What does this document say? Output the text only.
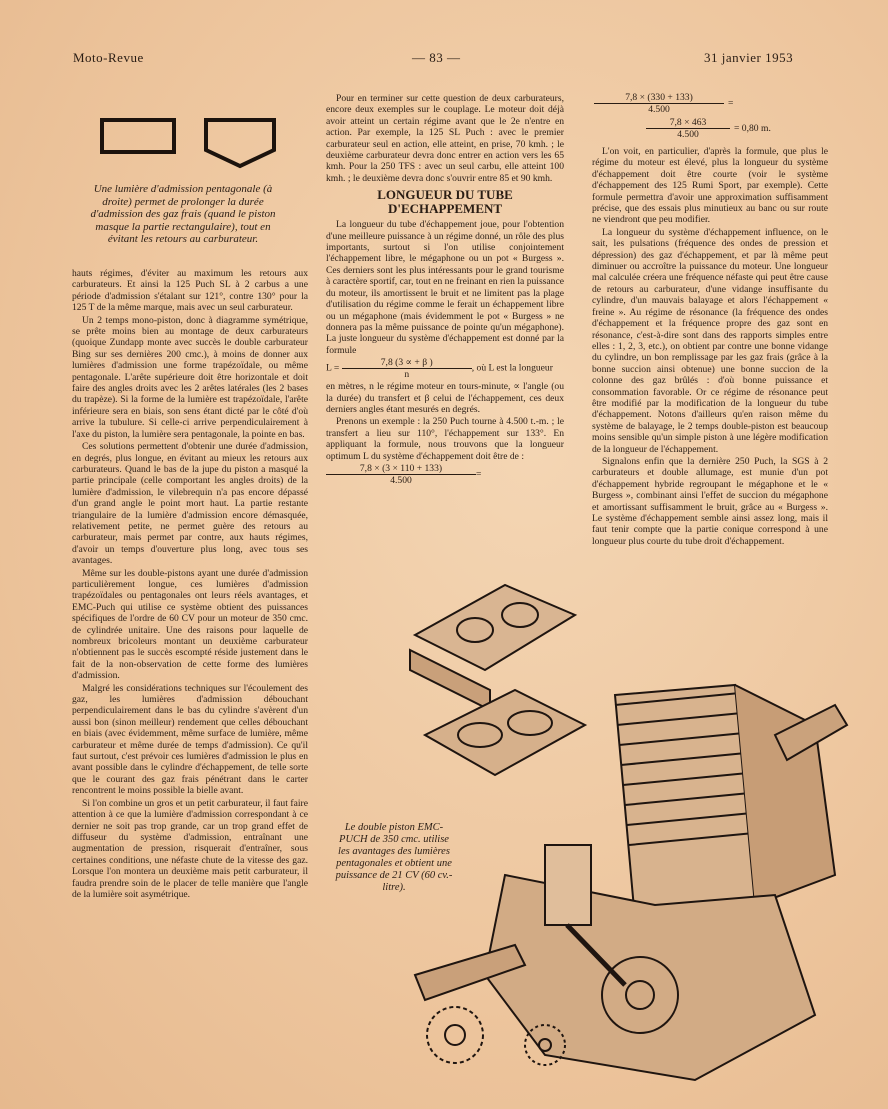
Moto-Revue	— 83 —	31 janvier 1953
Une lumière d'admission pentagonale (à droite) permet de prolonger la durée d'admission des gaz frais (quand le piston masque la partie rectangulaire), tout en évitant les retours au carburateur.

hauts régimes, d'éviter au maximum les retours aux carburateurs. Et ainsi la 125 Puch SL à 2 carbus a une période d'admission s'étalant sur 121°, contre 130° pour la 125 T de la même marque, mais avec un seul carburateur.

Un 2 temps mono-piston, donc à diagramme symétrique, se prête moins bien au montage de deux carburateurs (quoique Zundapp monte avec succès le double carburateur Bing sur ses dernières 200 cmc.), à moins de donner aux lumières d'admission une forme trapézoïdale, ou même pentagonale. L'arête supérieure doit être horizontale et doit faire des angles droits avec les 2 arêtes latérales (les 2 bases du trapèze). Si la forme de la lumière est trapézoïdale, l'arête inférieure sera en biais, son sens étant dicté par le côté d'où arrive la tubulure. Si celle-ci arrive perpendiculairement à l'axe du piston, la lumière sera pentagonale, la pointe en bas.

Ces solutions permettent d'obtenir une durée d'admission, en degrés, plus longue, en évitant au mieux les retours aux carburateurs. Quand le bas de la jupe du piston a masqué la partie principale (celle comportant les angles droits) de la lumière d'admission, le vilebrequin n'a pas encore dépassé d'un grand angle le point mort haut. La partie restante triangulaire de la lumière d'admission encore démasquée, relativement petite, ne permet guère des retours au carburateur, mais permet par contre, aux hauts régimes, d'avoir un temps d'ouverture plus long, avec tous ses avantages.

Même sur les double-pistons ayant une durée d'admission particulièrement longue, ces lumières d'admission trapézoïdales ou pentagonales ont leurs réels avantages, et EMC-Puch qui utilise ce système obtient des puissances spécifiques de l'ordre de 60 CV pour un moteur de 350 cmc. de cylindrée unitaire. Une des raisons pour laquelle de nombreux bricoleurs montant un deuxième carburateur n'obtiennent pas le succès escompté réside justement dans le fait de la non-observation de cette forme des lumières d'admission.

Malgré les considérations techniques sur l'écoulement des gaz, les lumières d'admission débouchant perpendiculairement dans le bas du cylindre s'avèrent d'un aussi bon (sinon meilleur) rendement que celles débouchant en biais (avec évidemment, même surface de lumière, même carburateur et même durée de temps d'admission). Ce qu'il faut surtout, c'est prévoir ces lumières d'admission le plus en avant possible dans le cylindre d'échappement, de telle sorte que le courant des gaz frais pénétrant dans le carter rencontrent le moins possible la bielle avant.

Si l'on combine un gros et un petit carburateur, il faut faire attention à ce que la lumière d'admission correspondant à ce dernier ne soit pas trop grande, car un trop grand effet de diffuseur du système d'admission, entraînant une augmentation de pression, risquerait d'entraîner, sous certaines conditions, une néfaste chute de la vitesse des gaz. Lorsque l'on montera un deuxième mais petit carburateur, il faudra prendre soin de le placer de telle manière que l'angle de la lumière soit asymétrique.

Pour en terminer sur cette question de deux carburateurs, encore deux exemples sur le couplage. Le moteur doit déjà avoir atteint un certain régime avant que le 2e n'entre en action. Par exemple, la 125 SL Puch : avec le premier carburateur seul en action, elle atteint, en prise, 70 kmh. ; le deuxième carburateur devra donc entrer en action vers les 65 kmh. Pour la 250 TFS : avec un seul carbu, elle atteint 100 kmh. ; le deuxième devra donc s'ouvrir entre 85 et 90 kmh.

LONGUEUR DU TUBE D'ECHAPPEMENT

La longueur du tube d'échappement joue, pour l'obtention d'une meilleure puissance à un régime donné, un rôle des plus importants, surtout si l'on utilise conjointement l'échappement libre, le mégaphone ou un pot « Burgess ». Ces derniers sont les plus intéressants pour le grand tourisme à caractère sportif, car, tout en ne freinant en rien la puissance du moteur, ils amortissent le bruit et ne limitent pas la plage d'utilisation du régime comme le ferait un échappement libre ou un mégaphone (mais évidemment le pot « Burgess » ne donnera pas la même puissance de pointe qu'un mégaphone). La juste longueur du système d'échappement est donné par la formule

$L = \frac{7,8 (3 \propto + \beta )}{n}$ , où L est la longueur

en mètres, n le régime moteur en tours-minute, ∝ l'angle (ou la durée) du transfert et β celui de l'échappement, ces deux derniers angles étant mesurés en degrés.

Prenons un exemple : la 250 Puch tourne à 4.500 t.-m. ; le transfert a lieu sur 110°, l'échappement sur 133°. En appliquant la formule, nous trouvons que la longueur optimum L du système d'échappement doit être de :

$\frac{7,8 \times (3 \times 110 + 133)}{4.500}$ =
$\frac{7,8 \times (330 + 133)}{4.500}$ =
$\frac{7,8 \times 463}{4.500} = 0,80$ m.

L'on voit, en particulier, d'après la formule, que plus le régime du moteur est élevé, plus la longueur du système d'échappement doit être courte (voir le système d'échappement des 125 Rumi Sport, par exemple). Cette formule permettra d'avoir une approximation suffisamment précise, que des essais plus minutieux au banc ou sur route ne viendront que peu modifier.

La longueur du système d'échappement influence, on le sait, les pulsations (fréquence des ondes de pression et dépression) des gaz d'échappement, et par là même peut diminuer ou accroître la puissance du moteur. Une longueur mal calculée créera une fréquence néfaste qui peut être cause de retours au carburateur, d'une vidange insuffisante du cylindre, d'un mauvais balayage et alors l'échappement « freine ». Au régime de résonance (la fréquence des ondes d'échappement et la fréquence propre des gaz sont en résonance, c'est-à-dire sont dans des rapports simples entre elles : 1, 2, 3, etc.), on obtient par contre une bonne vidange du cylindre, un bon remplissage par les gaz frais (grâce à la bonne succion ainsi obtenue) une bonne succion de la colonne des gaz brûlés : d'où bonne puissance et consommation favorable. Or ce régime de résonance peut être modifié par la modification de la longueur du tube d'échappement. Notons d'ailleurs qu'en raison même du système de balayage, le 2 temps double-piston est beaucoup moins sensible qu'un simple piston à une légère modification de la longueur de l'échappement.

Signalons enfin que la dernière 250 Puch, la SGS à 2 carburateurs et double allumage, est munie d'un pot d'échappement hybride regroupant le mégaphone et le « Burgess », combinant ainsi l'effet de succion du mégaphone et amortissant suffisamment le bruit, grâce au « Burgess ». Le système d'échappement semble ainsi assez long, mais il faut tenir compte que la partie conique correspond à une longueur plus courte du tube droit d'échappement.

Le double piston EMC-PUCH de 350 cmc. utilise les avantages des lumières pentagonales et obtient une puissance de 21 CV (60 cv.-litre).
